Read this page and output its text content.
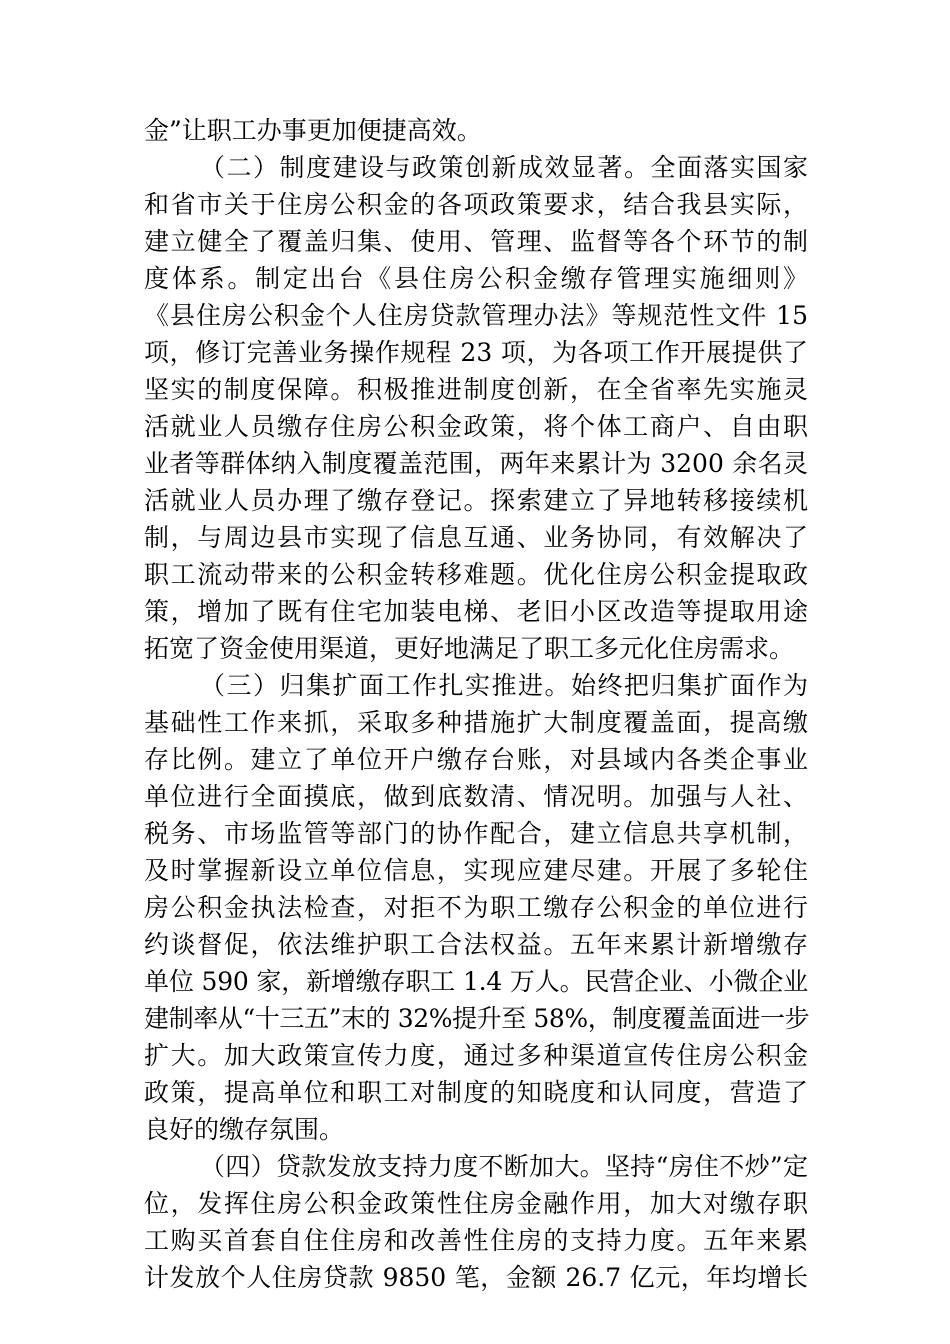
金”让职工办事更加便捷高效。
（二）制度建设与政策创新成效显著。全面落实国家
和省市关于住房公积金的各项政策要求，结合我县实际，
建立健全了覆盖归集、使用、管理、监督等各个环节的制
度体系。制定出台《县住房公积金缴存管理实施细则》
《县住房公积金个人住房贷款管理办法》等规范性文件 15
项，修订完善业务操作规程 23 项，为各项工作开展提供了
坚实的制度保障。积极推进制度创新，在全省率先实施灵
活就业人员缴存住房公积金政策，将个体工商户、自由职
业者等群体纳入制度覆盖范围，两年来累计为 3200 余名灵
活就业人员办理了缴存登记。探索建立了异地转移接续机
制，与周边县市实现了信息互通、业务协同，有效解决了
职工流动带来的公积金转移难题。优化住房公积金提取政
策，增加了既有住宅加装电梯、老旧小区改造等提取用途
拓宽了资金使用渠道，更好地满足了职工多元化住房需求。
（三）归集扩面工作扎实推进。始终把归集扩面作为
基础性工作来抓，采取多种措施扩大制度覆盖面，提高缴
存比例。建立了单位开户缴存台账，对县域内各类企事业
单位进行全面摸底，做到底数清、情况明。加强与人社、
税务、市场监管等部门的协作配合，建立信息共享机制，
及时掌握新设立单位信息，实现应建尽建。开展了多轮住
房公积金执法检查，对拒不为职工缴存公积金的单位进行
约谈督促，依法维护职工合法权益。五年来累计新增缴存
单位 590 家，新增缴存职工 1.4 万人。民营企业、小微企业
建制率从“十三五”末的 32%提升至 58%，制度覆盖面进一步
扩大。加大政策宣传力度，通过多种渠道宣传住房公积金
政策，提高单位和职工对制度的知晓度和认同度，营造了
良好的缴存氛围。
（四）贷款发放支持力度不断加大。坚持“房住不炒”定
位，发挥住房公积金政策性住房金融作用，加大对缴存职
工购买首套自住住房和改善性住房的支持力度。五年来累
计发放个人住房贷款 9850 笔，金额 26.7 亿元，年均增长
